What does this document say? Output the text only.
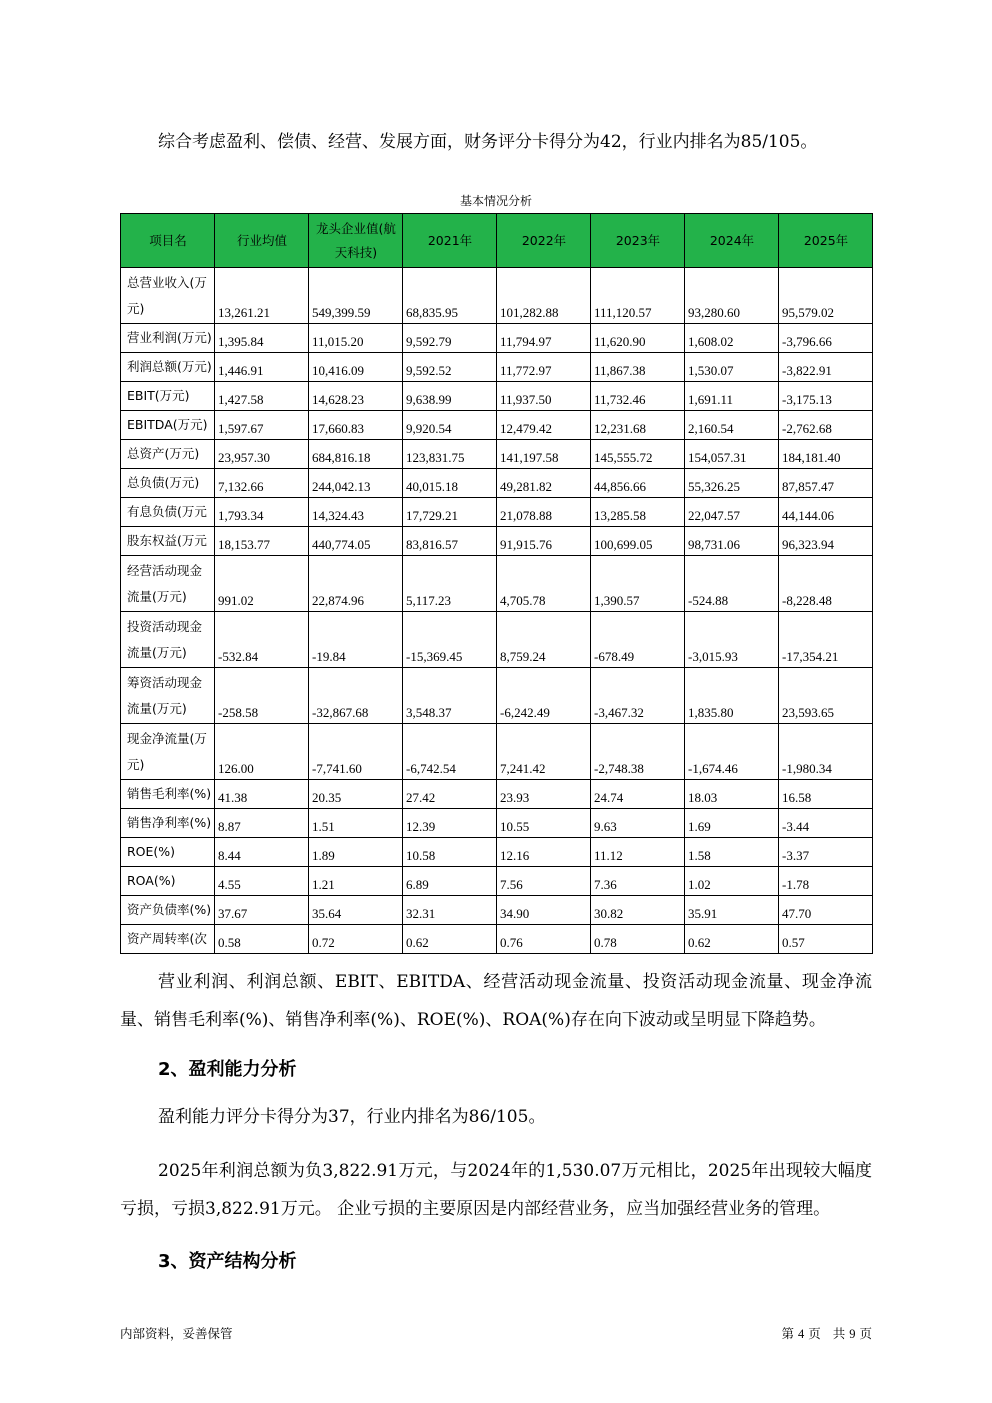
综合考虑盈利、偿债、经营、发展方面，财务评分卡得分为42，行业内排名为85/105。

基本情况分析
项目名	行业均值	龙头企业值(航天科技)	2021年	2022年	2023年	2024年	2025年
总营业收入(万元)	13,261.21	549,399.59	68,835.95	101,282.88	111,120.57	93,280.60	95,579.02
营业利润(万元)	1,395.84	11,015.20	9,592.79	11,794.97	11,620.90	1,608.02	-3,796.66
利润总额(万元)	1,446.91	10,416.09	9,592.52	11,772.97	11,867.38	1,530.07	-3,822.91
EBIT(万元)	1,427.58	14,628.23	9,638.99	11,937.50	11,732.46	1,691.11	-3,175.13
EBITDA(万元)	1,597.67	17,660.83	9,920.54	12,479.42	12,231.68	2,160.54	-2,762.68
总资产(万元)	23,957.30	684,816.18	123,831.75	141,197.58	145,555.72	154,057.31	184,181.40
总负债(万元)	7,132.66	244,042.13	40,015.18	49,281.82	44,856.66	55,326.25	87,857.47
有息负债(万元	1,793.34	14,324.43	17,729.21	21,078.88	13,285.58	22,047.57	44,144.06
股东权益(万元	18,153.77	440,774.05	83,816.57	91,915.76	100,699.05	98,731.06	96,323.94
经营活动现金流量(万元)	991.02	22,874.96	5,117.23	4,705.78	1,390.57	-524.88	-8,228.48
投资活动现金流量(万元)	-532.84	-19.84	-15,369.45	8,759.24	-678.49	-3,015.93	-17,354.21
筹资活动现金流量(万元)	-258.58	-32,867.68	3,548.37	-6,242.49	-3,467.32	1,835.80	23,593.65
现金净流量(万元)	126.00	-7,741.60	-6,742.54	7,241.42	-2,748.38	-1,674.46	-1,980.34
销售毛利率(%)	41.38	20.35	27.42	23.93	24.74	18.03	16.58
销售净利率(%)	8.87	1.51	12.39	10.55	9.63	1.69	-3.44
ROE(%)	8.44	1.89	10.58	12.16	11.12	1.58	-3.37
ROA(%)	4.55	1.21	6.89	7.56	7.36	1.02	-1.78
资产负债率(%)	37.67	35.64	32.31	34.90	30.82	35.91	47.70
资产周转率(次	0.58	0.72	0.62	0.76	0.78	0.62	0.57

营业利润、利润总额、EBIT、EBITDA、经营活动现金流量、投资活动现金流量、现金净流量、销售毛利率(%)、销售净利率(%)、ROE(%)、ROA(%)存在向下波动或呈明显下降趋势。

2、盈利能力分析

盈利能力评分卡得分为37，行业内排名为86/105。

2025年利润总额为负3,822.91万元，与2024年的1,530.07万元相比，2025年出现较大幅度亏损，亏损3,822.91万元。 企业亏损的主要原因是内部经营业务，应当加强经营业务的管理。

3、资产结构分析
内部资料，妥善保管	第 4 页 共 9 页
